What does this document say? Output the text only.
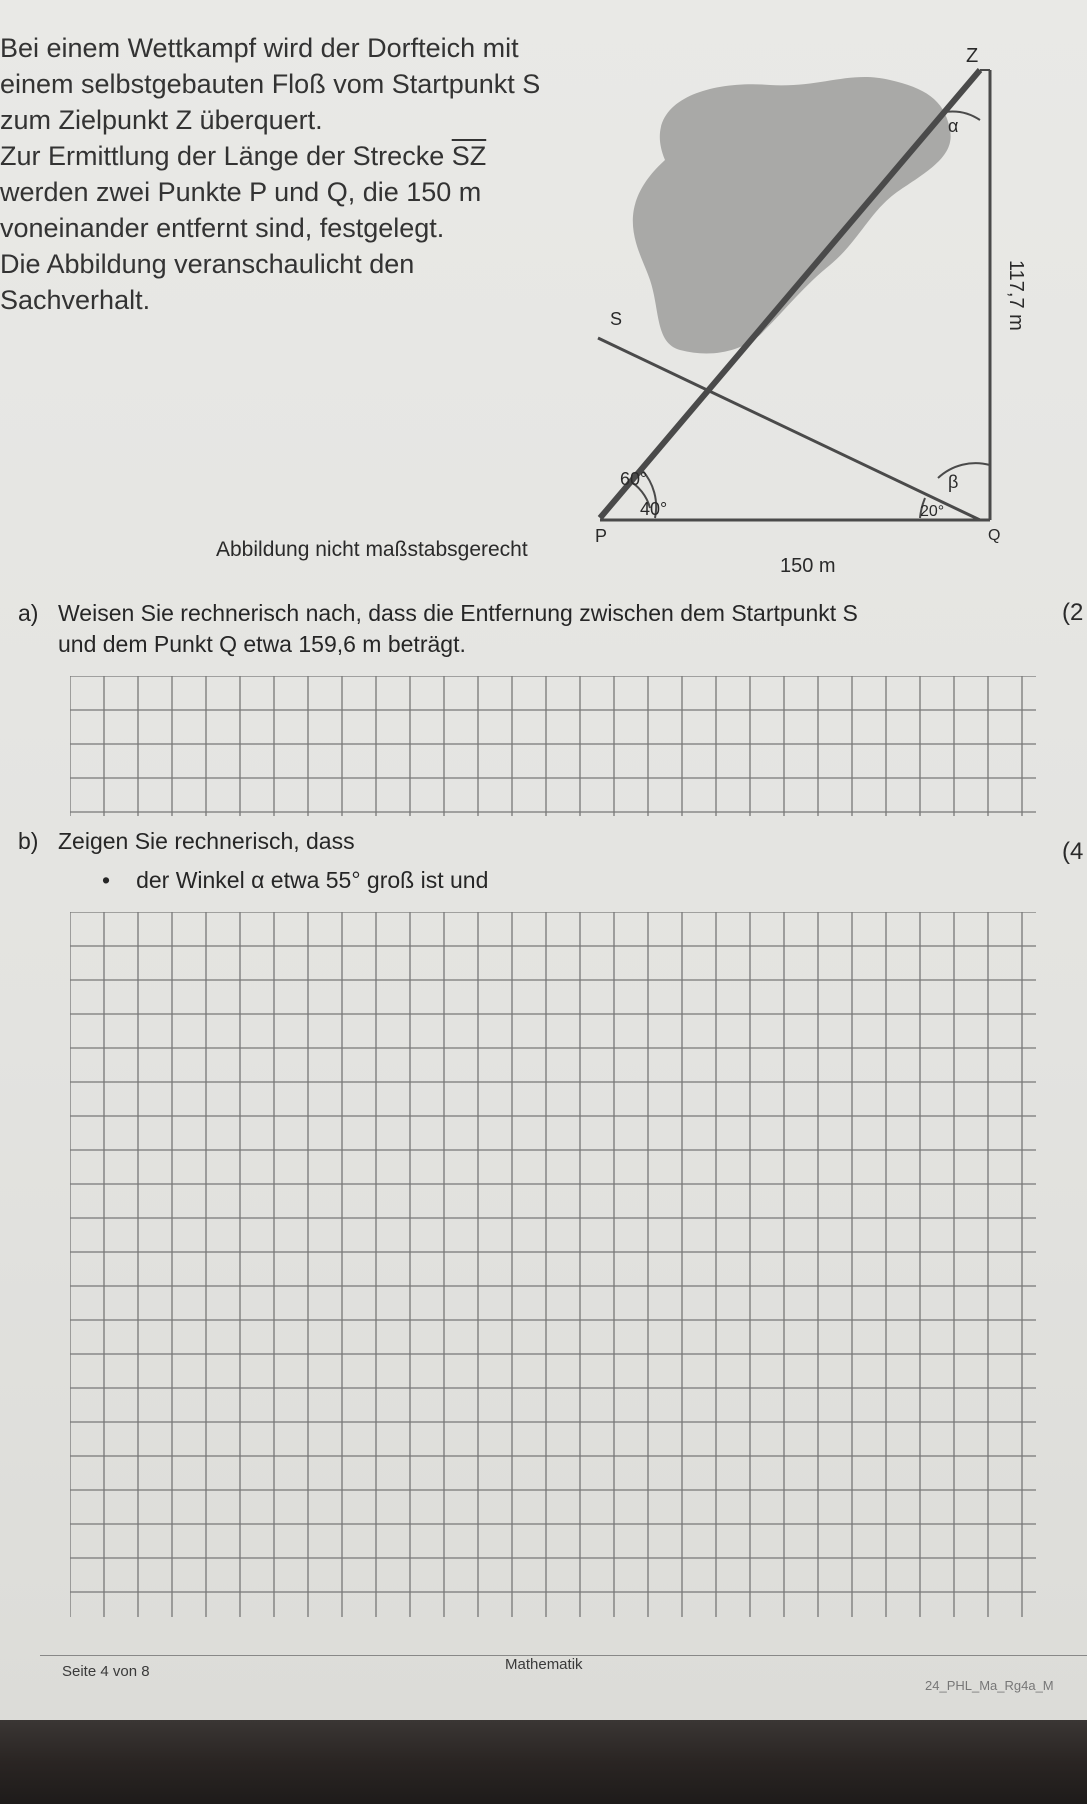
Bei einem Wettkampf wird der Dorfteich mit

einem selbstgebauten Floß vom Startpunkt S

zum Zielpunkt Z überquert.

Zur Ermittlung der Länge der Strecke $\overline{SZ}$

werden zwei Punkte P und Q, die 150 m

voneinander entfernt sind, festgelegt.

Die Abbildung veranschaulicht den

Sachverhalt.

Z
α
S	117,7 m
60°
40°
β
20°
P	Q
150 m
Abbildung nicht maßstabsgerecht
a) Weisen Sie rechnerisch nach, dass die Entfernung zwischen dem Startpunkt S
und dem Punkt Q etwa 159,6 m beträgt.
(2
b) Zeigen Sie rechnerisch, dass
• der Winkel α etwa 55° groß ist und
(4
Seite 4 von 8	Mathematik
24_PHL_Ma_Rg4a_M
